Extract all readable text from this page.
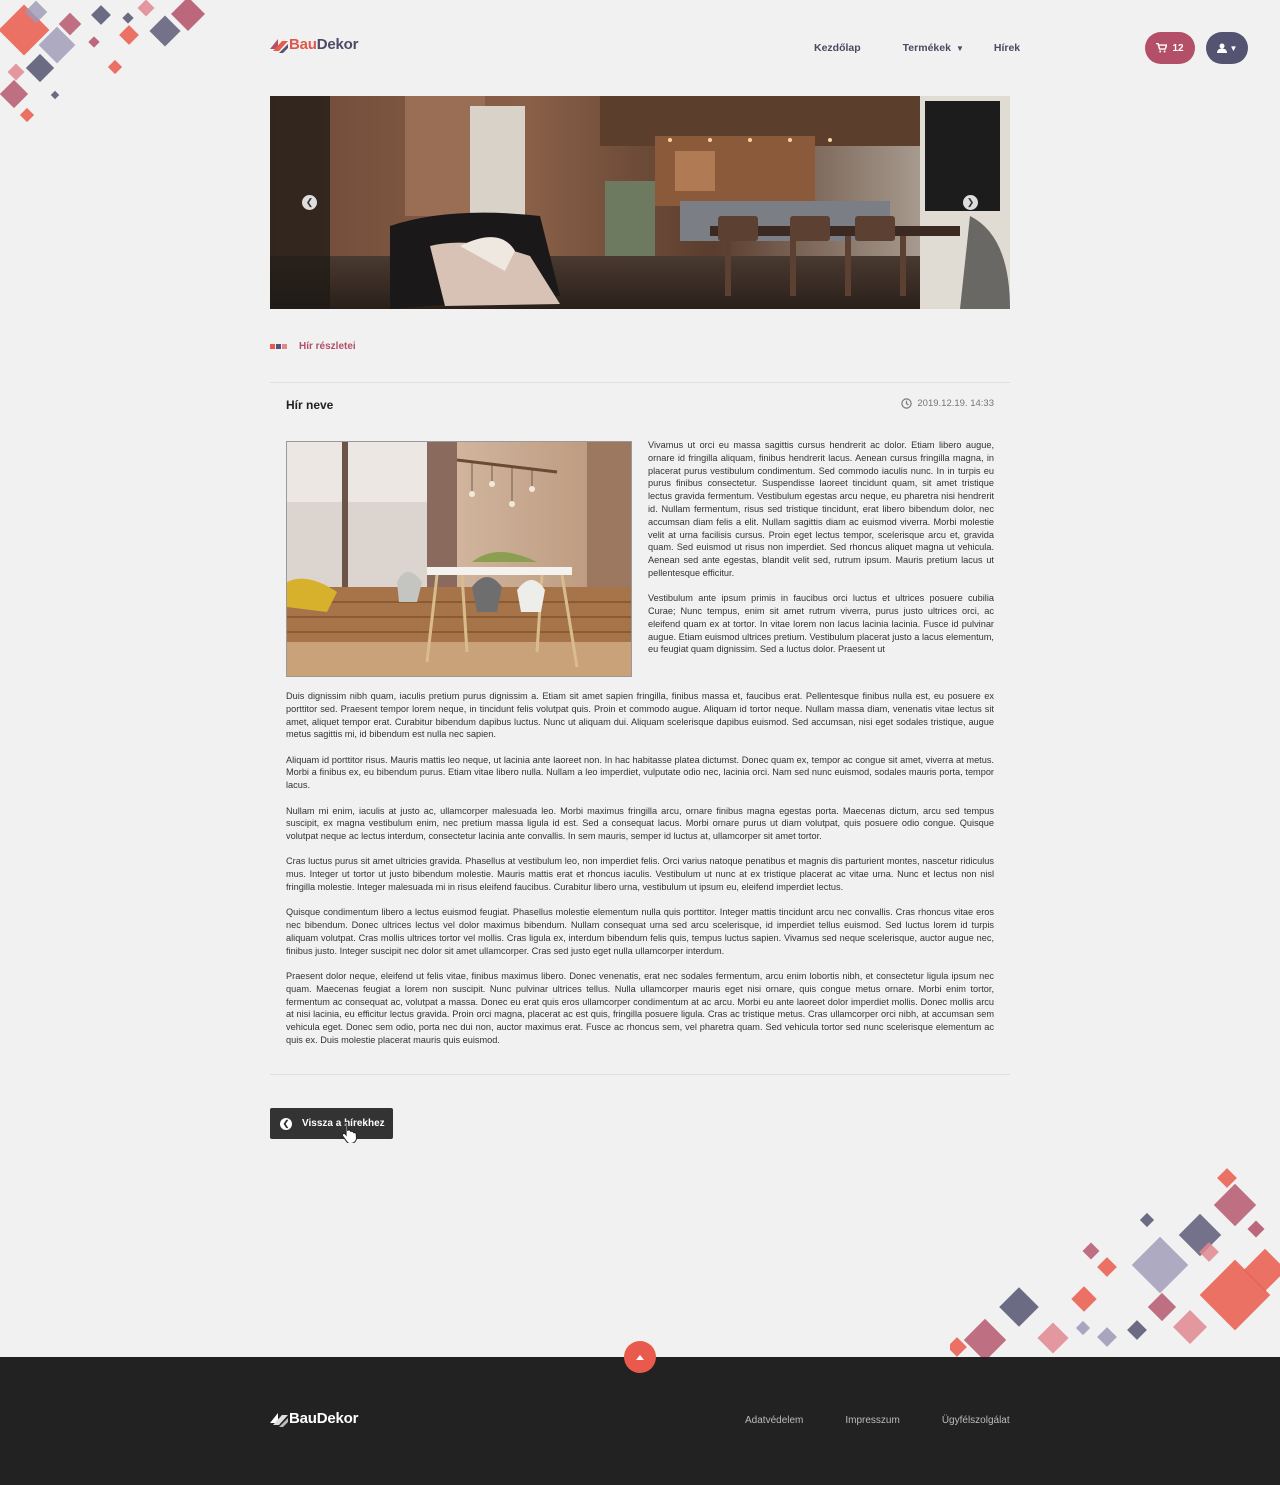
BauDekor	Kezdőlap	Termékek ▼	Hírek	12	▼
❮	❯
Hír részletei
Hír neve	2019.12.19. 14:33

Vivamus ut orci eu massa sagittis cursus hendrerit ac dolor. Etiam libero augue, ornare id fringilla aliquam, finibus hendrerit lacus. Aenean cursus fringilla magna, in placerat purus vestibulum condimentum. Sed commodo iaculis nunc. In in turpis eu purus finibus consectetur. Suspendisse laoreet tincidunt quam, sit amet tristique lectus gravida fermentum. Vestibulum egestas arcu neque, eu pharetra nisi hendrerit id. Nullam fermentum, risus sed tristique tincidunt, erat libero bibendum dolor, nec accumsan diam felis a elit. Nullam sagittis diam ac euismod viverra. Morbi molestie velit at urna facilisis cursus. Proin eget lectus tempor, scelerisque arcu et, gravida quam. Sed euismod ut risus non imperdiet. Sed rhoncus aliquet magna ut vehicula. Aenean sed ante egestas, blandit velit sed, rutrum ipsum. Mauris pretium lacus ut pellentesque efficitur.

Vestibulum ante ipsum primis in faucibus orci luctus et ultrices posuere cubilia Curae; Nunc tempus, enim sit amet rutrum viverra, purus justo ultrices orci, ac eleifend quam ex at tortor. In vitae lorem non lacus lacinia lacinia. Fusce id pulvinar augue. Etiam euismod ultrices pretium. Vestibulum placerat justo a lacus elementum, eu feugiat quam dignissim. Sed a luctus dolor. Praesent ut

Duis dignissim nibh quam, iaculis pretium purus dignissim a. Etiam sit amet sapien fringilla, finibus massa et, faucibus erat. Pellentesque finibus nulla est, eu posuere ex porttitor sed. Praesent tempor lorem neque, in tincidunt felis volutpat quis. Proin et commodo augue. Aliquam id tortor neque. Nullam massa diam, venenatis vitae lectus sit amet, aliquet tempor erat. Curabitur bibendum dapibus luctus. Nunc ut aliquam dui. Aliquam scelerisque dapibus euismod. Sed accumsan, nisi eget sodales tristique, augue metus sagittis mi, id bibendum est nulla nec sapien.

Aliquam id porttitor risus. Mauris mattis leo neque, ut lacinia ante laoreet non. In hac habitasse platea dictumst. Donec quam ex, tempor ac congue sit amet, viverra at metus. Morbi a finibus ex, eu bibendum purus. Etiam vitae libero nulla. Nullam a leo imperdiet, vulputate odio nec, lacinia orci. Nam sed nunc euismod, sodales mauris porta, tempor lacus.

Nullam mi enim, iaculis at justo ac, ullamcorper malesuada leo. Morbi maximus fringilla arcu, ornare finibus magna egestas porta. Maecenas dictum, arcu sed tempus suscipit, ex magna vestibulum enim, nec pretium massa ligula id est. Sed a consequat lacus. Morbi ornare purus ut diam volutpat, quis posuere odio congue. Quisque volutpat neque ac lectus interdum, consectetur lacinia ante convallis. In sem mauris, semper id luctus at, ullamcorper sit amet tortor.

Cras luctus purus sit amet ultricies gravida. Phasellus at vestibulum leo, non imperdiet felis. Orci varius natoque penatibus et magnis dis parturient montes, nascetur ridiculus mus. Integer ut tortor ut justo bibendum molestie. Mauris mattis erat et rhoncus iaculis. Vestibulum ut nunc at ex tristique placerat ac vitae urna. Nunc et lectus non nisl fringilla molestie. Integer malesuada mi in risus eleifend faucibus. Curabitur libero urna, vestibulum ut ipsum eu, eleifend imperdiet lectus.

Quisque condimentum libero a lectus euismod feugiat. Phasellus molestie elementum nulla quis porttitor. Integer mattis tincidunt arcu nec convallis. Cras rhoncus vitae eros nec bibendum. Donec ultrices lectus vel dolor maximus bibendum. Nullam consequat urna sed arcu scelerisque, id imperdiet tellus euismod. Sed luctus lorem id turpis aliquam volutpat. Cras mollis ultrices tortor vel mollis. Cras ligula ex, interdum bibendum felis quis, tempus luctus sapien. Vivamus sed neque scelerisque, auctor augue nec, finibus justo. Integer suscipit nec dolor sit amet ullamcorper. Cras sed justo eget nulla ullamcorper interdum.

Praesent dolor neque, eleifend ut felis vitae, finibus maximus libero. Donec venenatis, erat nec sodales fermentum, arcu enim lobortis nibh, et consectetur ligula ipsum nec quam. Maecenas feugiat a lorem non suscipit. Nunc pulvinar ultrices tellus. Nulla ullamcorper mauris eget nisi ornare, quis congue metus ornare. Morbi enim tortor, fermentum ac consequat ac, volutpat a massa. Donec eu erat quis eros ullamcorper condimentum at ac arcu. Morbi eu ante laoreet dolor imperdiet mollis. Donec mollis arcu at nisi lacinia, eu efficitur lectus gravida. Proin orci magna, placerat ac est quis, fringilla posuere ligula. Cras ac tristique metus. Cras ullamcorper orci nibh, at accumsan sem vehicula eget. Donec sem odio, porta nec dui non, auctor maximus erat. Fusce ac rhoncus sem, vel pharetra quam. Sed vehicula tortor sed nunc scelerisque elementum ac quis ex. Duis molestie placerat mauris quis euismod.

❮ Vissza a hírekhez
BauDekor	Adatvédelem	Impresszum	Ügyfélszolgálat
